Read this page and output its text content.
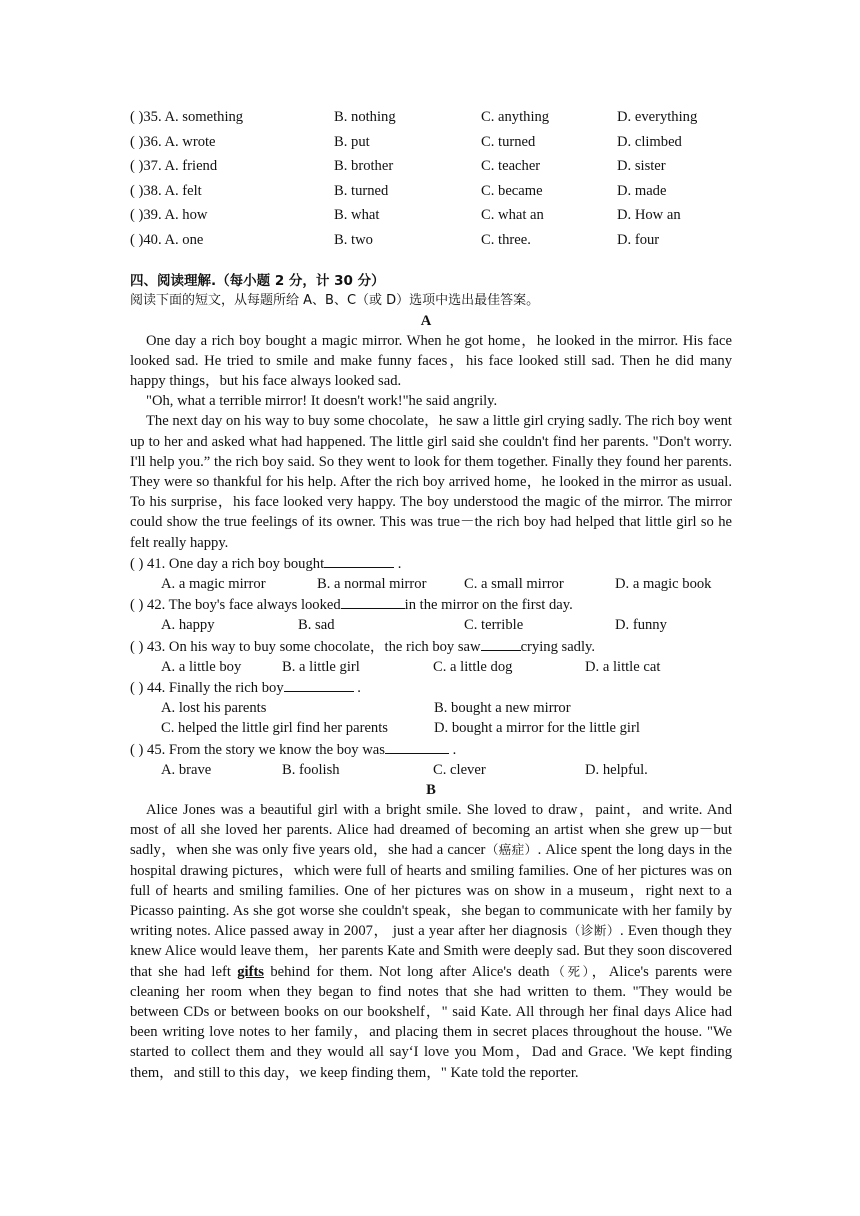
( )35. A. something	B. nothing	C. anything	D. everything
( )36. A. wrote	B. put	C. turned	D. climbed
( )37. A. friend	B. brother	C. teacher	D. sister
( )38. A. felt	B. turned	C. became	D. made
( )39. A. how	B. what	C. what an	D. How an
( )40. A. one	B. two	C. three.	D. four
四、阅读理解.（每小题 2 分，计 30 分）
阅读下面的短文，从每题所给 A、B、C（或 D）选项中选出最佳答案。
A

One day a rich boy bought a magic mirror. When he got home，he looked in the mirror. His face looked sad. He tried to smile and make funny faces，his face looked still sad. Then he did many happy things，but his face always looked sad.

"Oh, what a terrible mirror! It doesn't work!"he said angrily.

The next day on his way to buy some chocolate，he saw a little girl crying sadly. The rich boy went up to her and asked what had happened. The little girl said she couldn't find her parents. "Don't worry. I'll help you.” the rich boy said. So they went to look for them together. Finally they found her parents. They were so thankful for his help. After the rich boy arrived home，he looked in the mirror as usual. To his surprise，his face looked very happy. The boy understood the magic of the mirror. The mirror could show the true feelings of its owner. This was true－the rich boy had helped that little girl so he felt really happy.

( ) 41. One day a rich boy bought	.
A. a magic mirror	B. a normal mirror	C. a small mirror	D. a magic book
( ) 42. The boy's face always looked	in the mirror on the first day.
A. happy	B. sad	C. terrible	D. funny
( ) 43. On his way to buy some chocolate，the rich boy saw	crying sadly.
A. a little boy	B. a little girl	C. a little dog	D. a little cat
( ) 44. Finally the rich boy	.
A. lost his parents	B. bought a new mirror
C. helped the little girl find her parents	D. bought a mirror for the little girl
( ) 45. From the story we know the boy was	.
A. brave	B. foolish	C. clever	D. helpful.
B

Alice Jones was a beautiful girl with a bright smile. She loved to draw，paint，and write. And most of all she loved her parents. Alice had dreamed of becoming an artist when she grew up－but sadly，when she was only five years old，she had a cancer（癌症）. Alice spent the long days in the hospital drawing pictures，which were full of hearts and smiling families. One of her pictures was on full of hearts and smiling families. One of her pictures was on show in a museum，right next to a Picasso painting. As she got worse she couldn't speak，she began to communicate with her family by writing notes. Alice passed away in 2007， just a year after her diagnosis（诊断）. Even though they knew Alice would leave them，her parents Kate and Smith were deeply sad. But they soon discovered that she had left gifts behind for them. Not long after Alice's death（死），Alice's parents were cleaning her room when they began to find notes that she had written to them. "They would be between CDs or between books on our bookshelf，" said Kate. All through her final days Alice had been writing love notes to her family，and placing them in secret places throughout the house. "We started to collect them and they would all say‘I love you Mom，Dad and Grace. 'We kept finding them，and still to this day，we keep finding them，" Kate told the reporter.
